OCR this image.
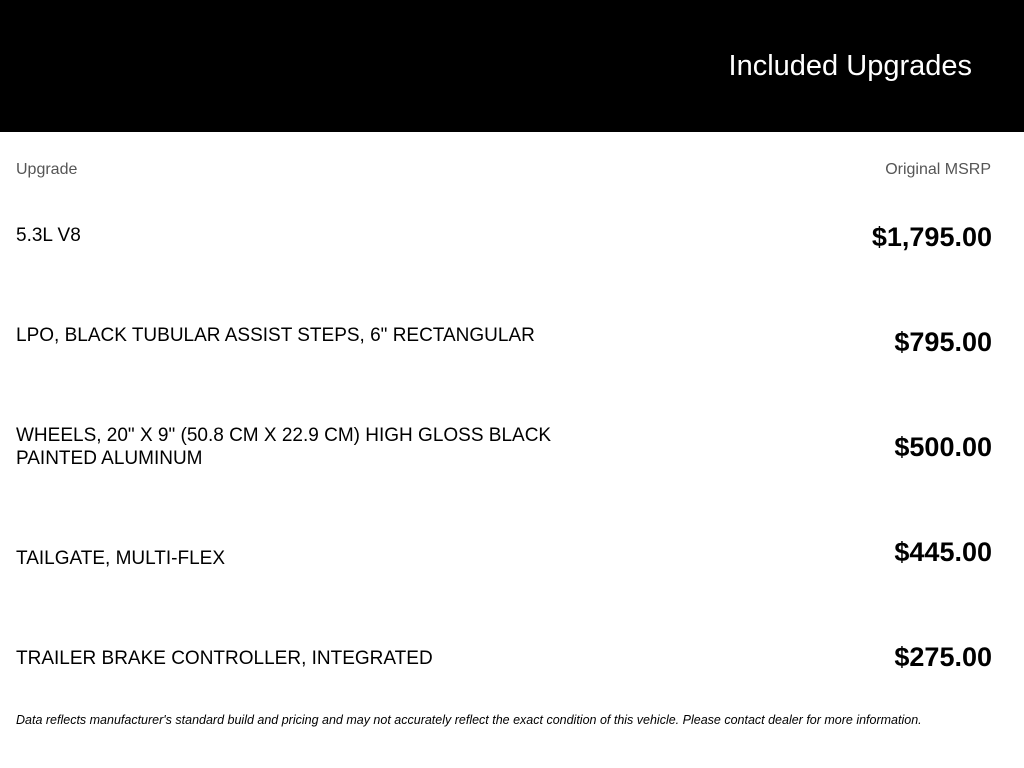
Included Upgrades
Upgrade	Original MSRP
5.3L V8	$1,795.00
LPO, BLACK TUBULAR ASSIST STEPS, 6" RECTANGULAR	$795.00
WHEELS, 20" X 9" (50.8 CM X 22.9 CM) HIGH GLOSS BLACK PAINTED ALUMINUM	$500.00
TAILGATE, MULTI-FLEX	$445.00
TRAILER BRAKE CONTROLLER, INTEGRATED	$275.00
Data reflects manufacturer's standard build and pricing and may not accurately reflect the exact condition of this vehicle. Please contact dealer for more information.
